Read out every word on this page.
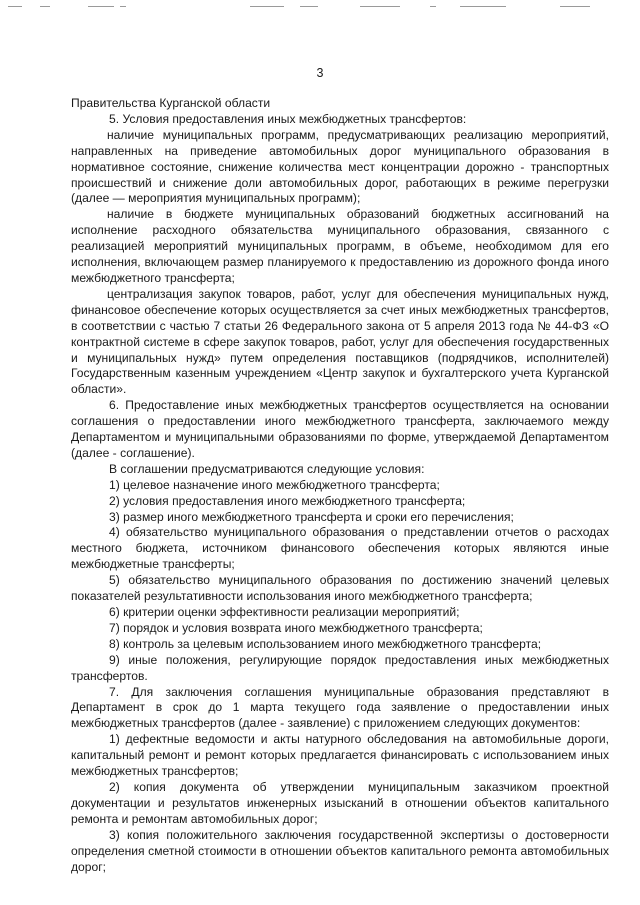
3

Правительства Курганской области

5. Условия предоставления иных межбюджетных трансфертов:

наличие муниципальных программ, предусматривающих реализацию мероприятий, направленных на приведение автомобильных дорог муниципального образования в нормативное состояние, снижение количества мест концентрации дорожно - транспортных происшествий и снижение доли автомобильных дорог, работающих в режиме перегрузки (далее — мероприятия муниципальных программ);

наличие в бюджете муниципальных образований бюджетных ассигнований на исполнение расходного обязательства муниципального образования, связанного с реализацией мероприятий муниципальных программ, в объеме, необходимом для его исполнения, включающем размер планируемого к предоставлению из дорожного фонда иного межбюджетного трансферта;

централизация закупок товаров, работ, услуг для обеспечения муниципальных нужд, финансовое обеспечение которых осуществляется за счет иных межбюджетных трансфертов, в соответствии с частью 7 статьи 26 Федерального закона от 5 апреля 2013 года № 44-ФЗ «О контрактной системе в сфере закупок товаров, работ, услуг для обеспечения государственных и муниципальных нужд» путем определения поставщиков (подрядчиков, исполнителей) Государственным казенным учреждением «Центр закупок и бухгалтерского учета Курганской области».

6. Предоставление иных межбюджетных трансфертов осуществляется на основании соглашения о предоставлении иного межбюджетного трансферта, заключаемого между Департаментом и муниципальными образованиями по форме, утверждаемой Департаментом (далее - соглашение).

В соглашении предусматриваются следующие условия:

1) целевое назначение иного межбюджетного трансферта;

2) условия предоставления иного межбюджетного трансферта;

3) размер иного межбюджетного трансферта и сроки его перечисления;

4) обязательство муниципального образования о представлении отчетов о расходах местного бюджета, источником финансового обеспечения которых являются иные межбюджетные трансферты;

5) обязательство муниципального образования по достижению значений целевых показателей результативности использования иного межбюджетного трансферта;

6) критерии оценки эффективности реализации мероприятий;

7) порядок и условия возврата иного межбюджетного трансферта;

8) контроль за целевым использованием иного межбюджетного трансферта;

9) иные положения, регулирующие порядок предоставления иных межбюджетных трансфертов.

7. Для заключения соглашения муниципальные образования представляют в Департамент в срок до 1 марта текущего года заявление о предоставлении иных межбюджетных трансфертов (далее - заявление) с приложением следующих документов:

1) дефектные ведомости и акты натурного обследования на автомобильные дороги, капитальный ремонт и ремонт которых предлагается финансировать с использованием иных межбюджетных трансфертов;

2) копия документа об утверждении муниципальным заказчиком проектной документации и результатов инженерных изысканий в отношении объектов капитального ремонта и ремонтам автомобильных дорог;

3) копия положительного заключения государственной экспертизы о достоверности определения сметной стоимости в отношении объектов капитального ремонта автомобильных дорог;
